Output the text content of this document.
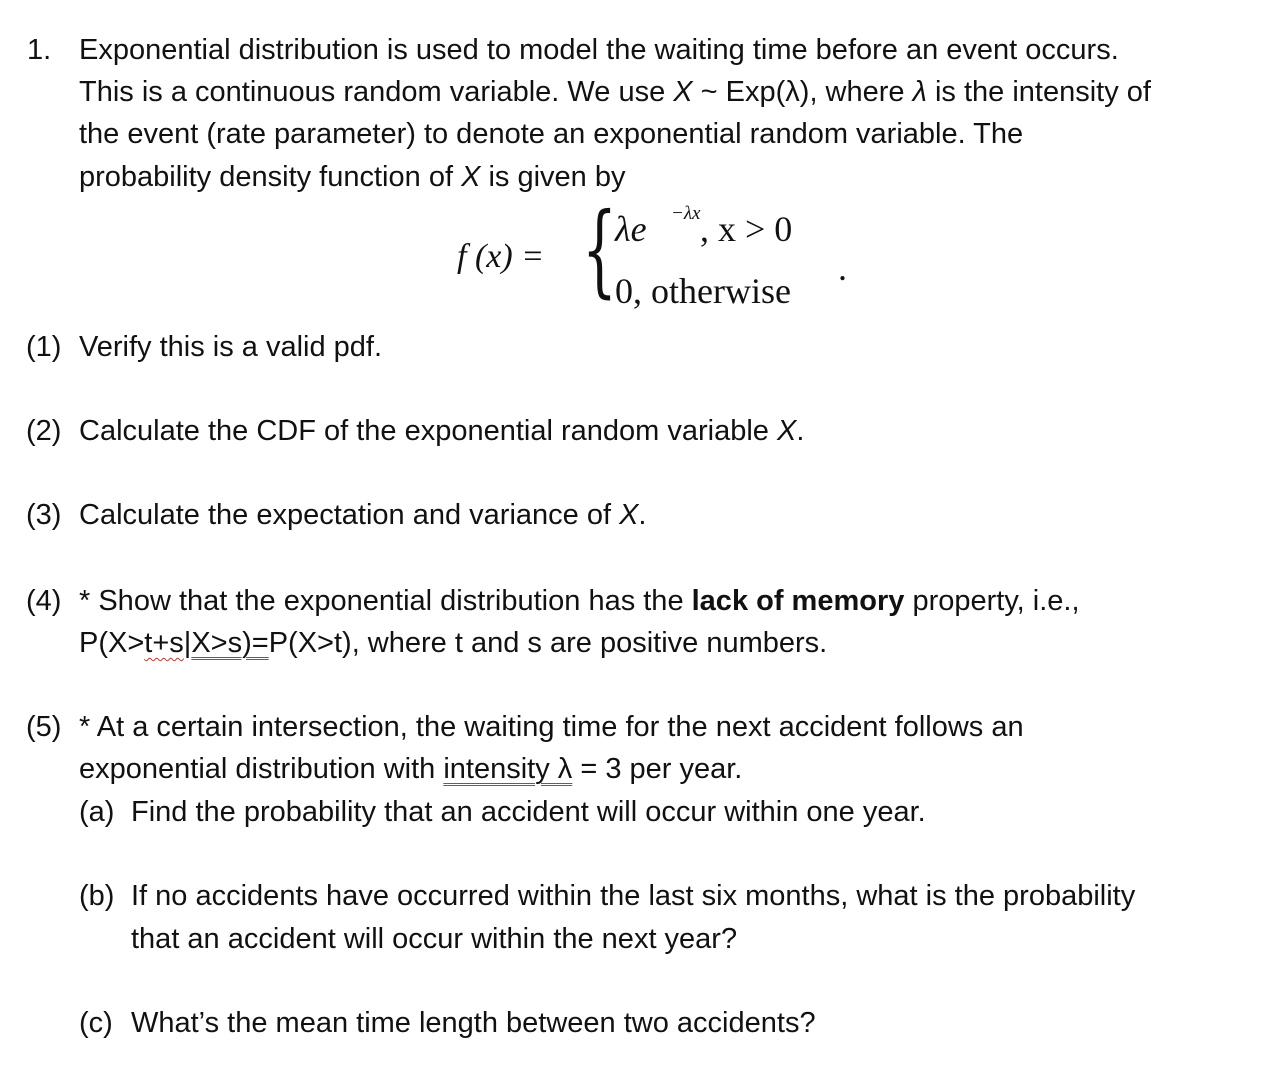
1. Exponential distribution is used to model the waiting time before an event occurs.
This is a continuous random variable. We use X ~ Exp(λ), where λ is the intensity of
the event (rate parameter) to denote an exponential random variable. The
probability density function of X is given by
f (x) = {
λe −λx , x > 0
0, otherwise
.
(1) Verify this is a valid pdf.
(2) Calculate the CDF of the exponential random variable X.
(3) Calculate the expectation and variance of X.
(4) * Show that the exponential distribution has the lack of memory property, i.e.,
P(X>t+s|X>s)=P(X>t), where t and s are positive numbers.
(5) * At a certain intersection, the waiting time for the next accident follows an
exponential distribution with intensity λ = 3 per year.
(a) Find the probability that an accident will occur within one year.
(b) If no accidents have occurred within the last six months, what is the probability
that an accident will occur within the next year?
(c) What’s the mean time length between two accidents?
